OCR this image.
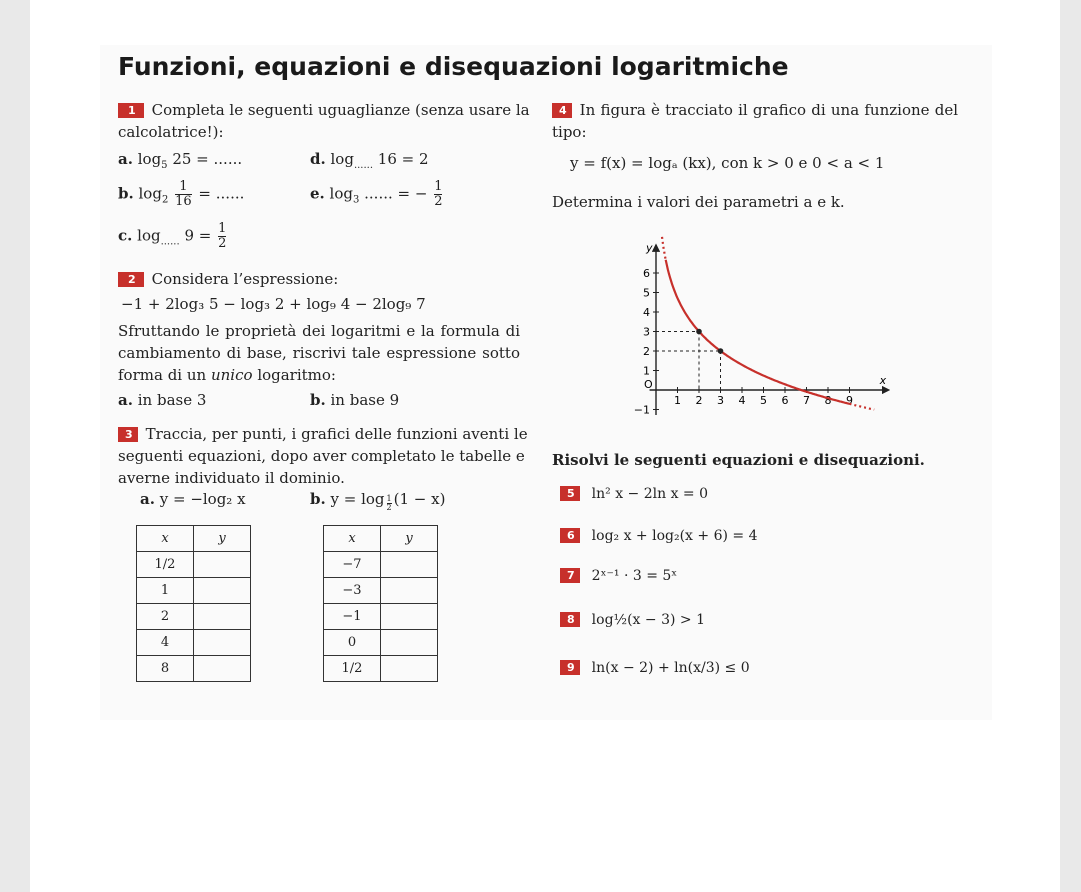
Funzioni, equazioni e disequazioni logaritmiche
1 Completa le seguenti uguaglianze (senza usare la
calcolatrice!):
a. $\log_5 25$ = ......	d. $\log_{......} 16 = 2$
b. $\log_2 \frac{1}{16}$ = ......	e. $\log_3$ ...... = − $\frac{1}{2}$
c. $\log_{......} 9 = \frac{1}{2}$
2 Considera l’espressione:
−1 + 2log₃ 5 − log₃ 2 + log₉ 4 − 2log₉ 7
Sfruttando le proprietà dei logaritmi e la formula di
cambiamento di base, riscrivi tale espressione sotto
forma di un unico logaritmo:
a. in base 3	b. in base 9
3 Traccia, per punti, i grafici delle funzioni aventi le
seguenti equazioni, dopo aver completato le tabelle e
averne individuato il dominio.
a. y = −log₂ x	b. $y = \log \frac{1}{2} (1 - x)$
x	y
1/2	
1	
2	
4	
8	
x	y
−7	
−3	
−1	
0	
1/2	
4 In figura è tracciato il grafico di una funzione del
tipo:
y = f(x) = logₐ (kx), con k > 0 e 0 < a < 1
Determina i valori dei parametri a e k.
1 2 3 4 5 6 7 8 9
6
5
4
3
2
1
−1
x
y
O
Risolvi le seguenti equazioni e disequazioni.
5 ln² x − 2ln x = 0
6 log₂ x + log₂(x + 6) = 4
7 2ˣ⁻¹ · 3 = 5ˣ
8 log½(x − 3) > 1
9 ln(x − 2) + ln(x/3) ≤ 0
